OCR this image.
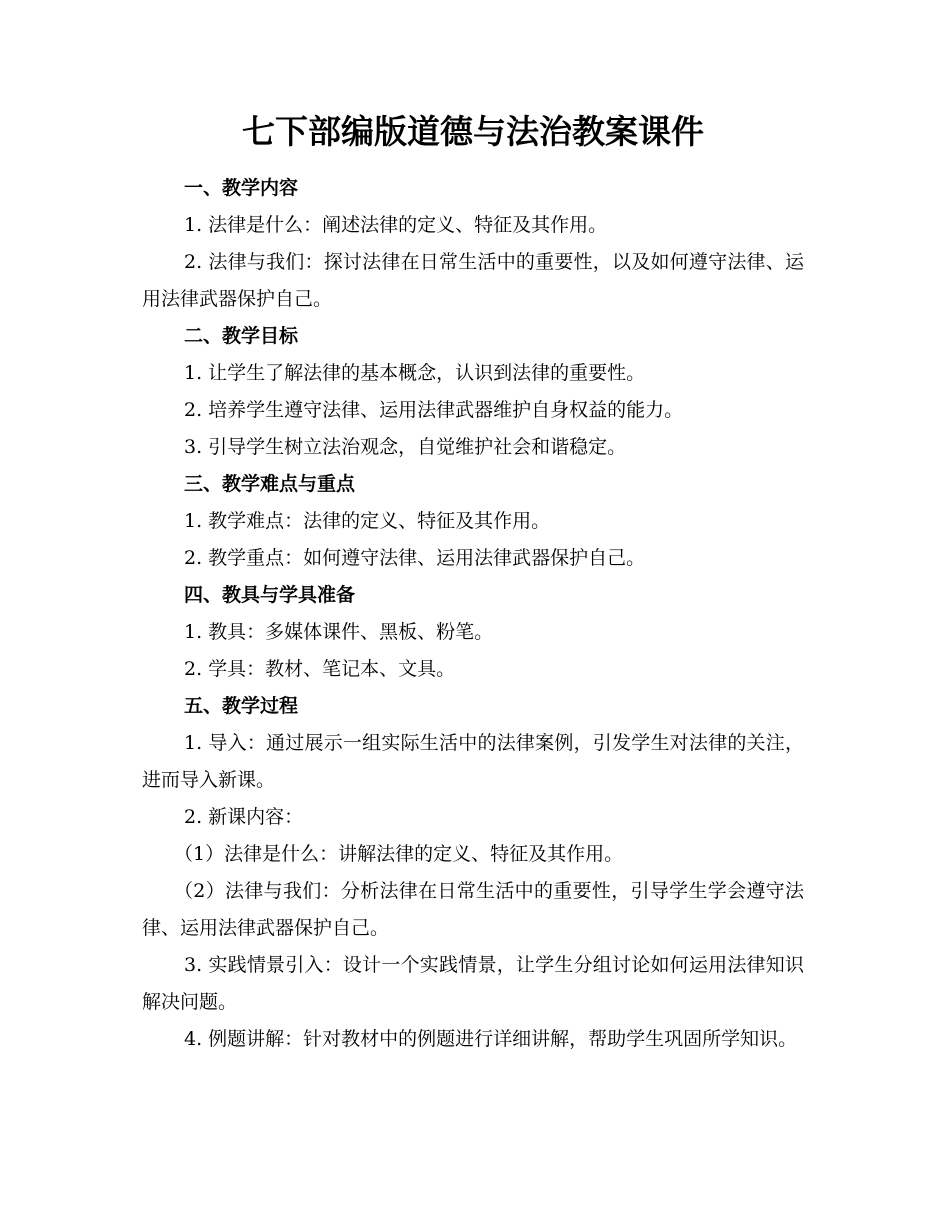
七下部编版道德与法治教案课件

一、教学内容

1. 法律是什么：阐述法律的定义、特征及其作用。

2. 法律与我们：探讨法律在日常生活中的重要性，以及如何遵守法律、运用法律武器保护自己。

二、教学目标

1. 让学生了解法律的基本概念，认识到法律的重要性。

2. 培养学生遵守法律、运用法律武器维护自身权益的能力。

3. 引导学生树立法治观念，自觉维护社会和谐稳定。

三、教学难点与重点

1. 教学难点：法律的定义、特征及其作用。

2. 教学重点：如何遵守法律、运用法律武器保护自己。

四、教具与学具准备

1. 教具：多媒体课件、黑板、粉笔。

2. 学具：教材、笔记本、文具。

五、教学过程

1. 导入：通过展示一组实际生活中的法律案例，引发学生对法律的关注，进而导入新课。

2. 新课内容：

（1）法律是什么：讲解法律的定义、特征及其作用。

（2）法律与我们：分析法律在日常生活中的重要性，引导学生学会遵守法律、运用法律武器保护自己。

3. 实践情景引入：设计一个实践情景，让学生分组讨论如何运用法律知识解决问题。

4. 例题讲解：针对教材中的例题进行详细讲解，帮助学生巩固所学知识。
